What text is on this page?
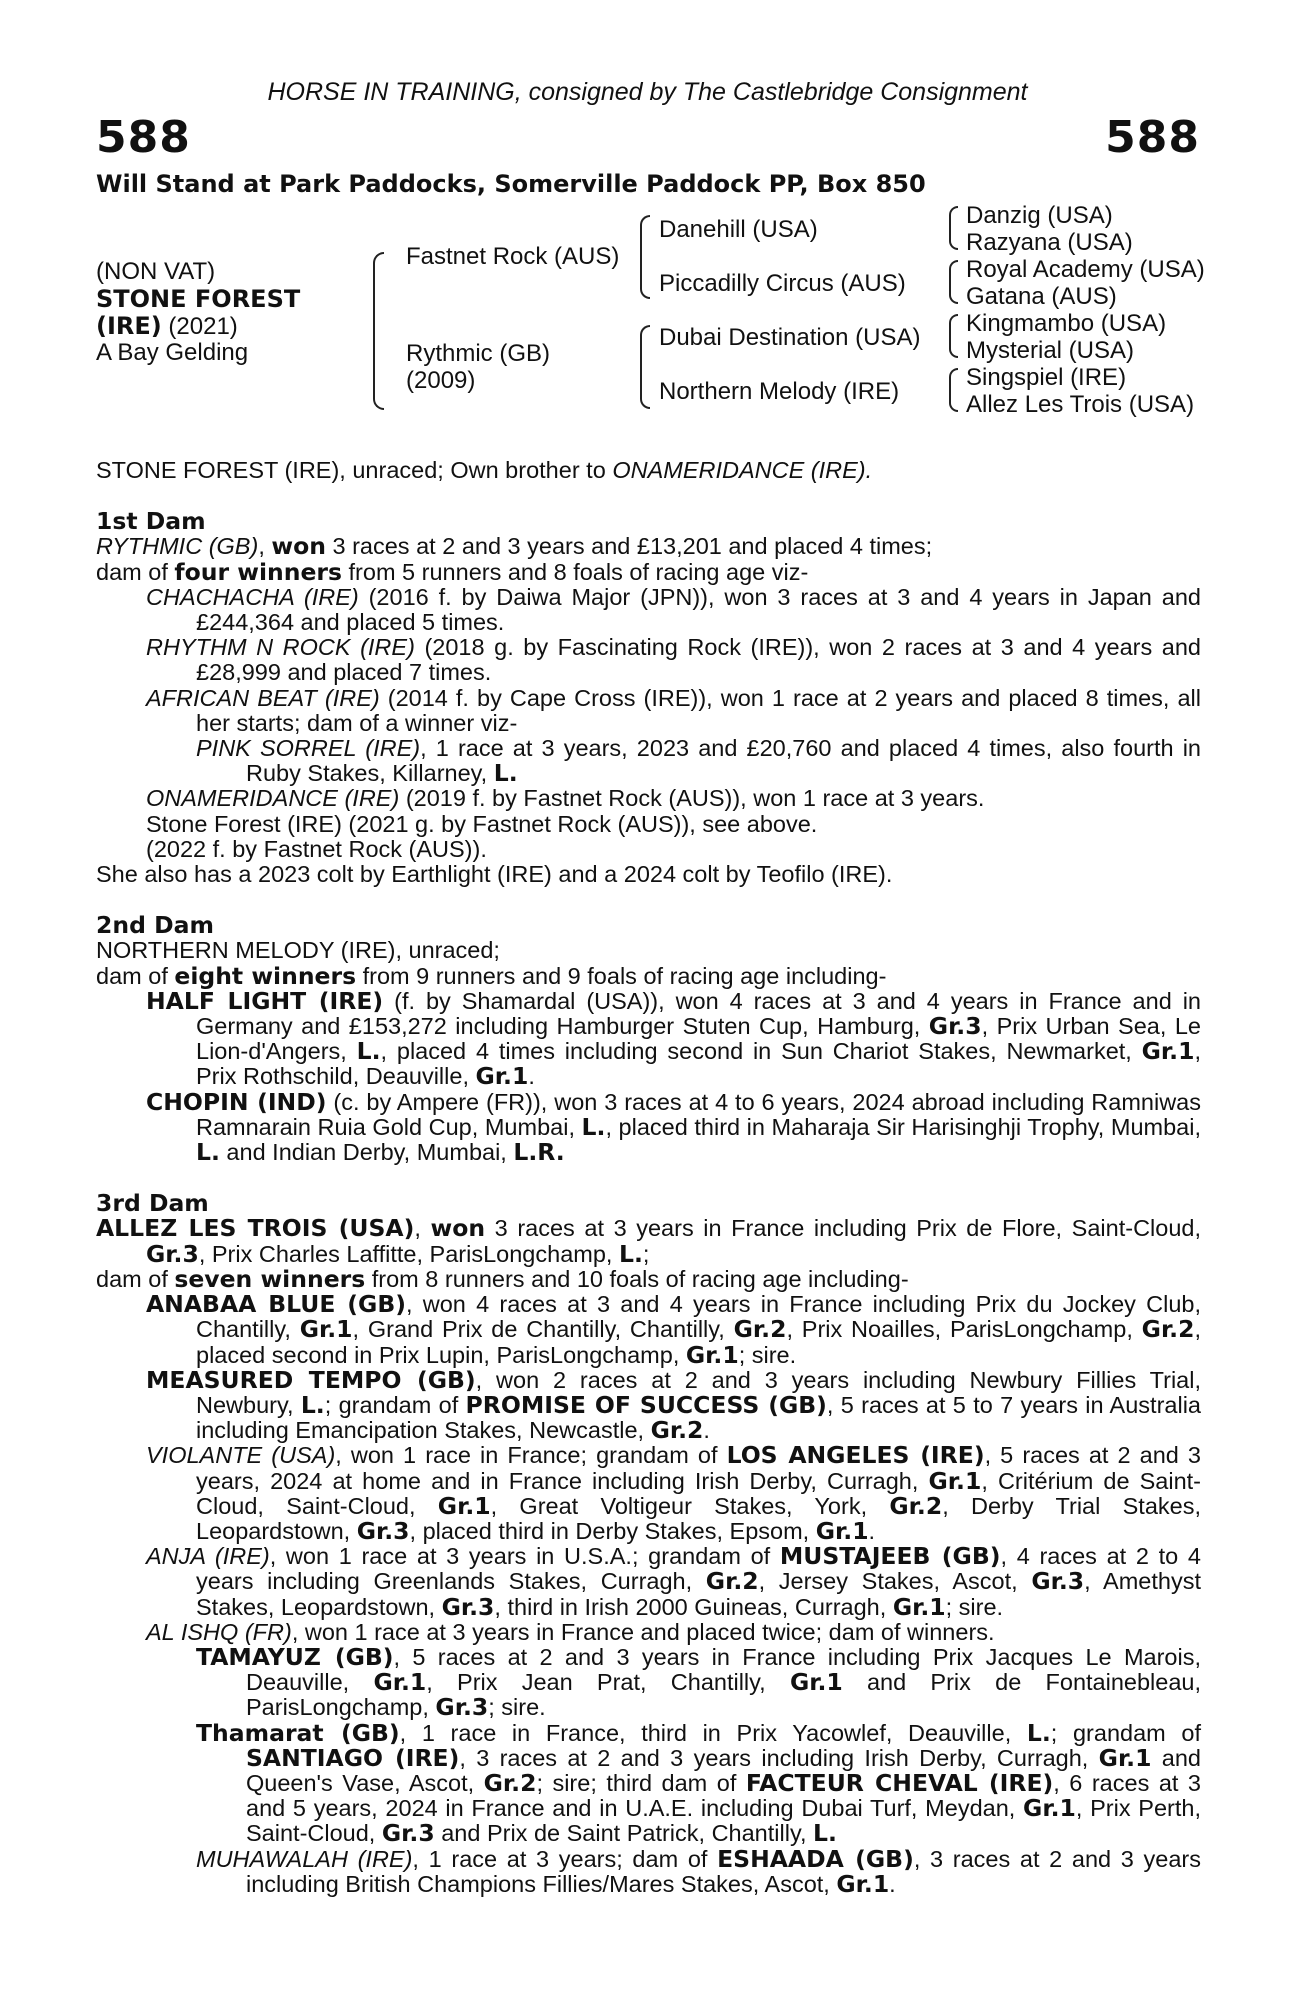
HORSE IN TRAINING, consigned by The Castlebridge Consignment
588	588
Will Stand at Park Paddocks, Somerville Paddock PP, Box 850
(NON VAT)
STONE FOREST
(IRE) (2021)
A Bay Gelding
Fastnet Rock (AUS)
Rythmic (GB)
(2009)
Danehill (USA)
Piccadilly Circus (AUS)
Dubai Destination (USA)
Northern Melody (IRE)
Danzig (USA)
Razyana (USA)
Royal Academy (USA)
Gatana (AUS)
Kingmambo (USA)
Mysterial (USA)
Singspiel (IRE)
Allez Les Trois (USA)

STONE FOREST (IRE), unraced; Own brother to ONAMERIDANCE (IRE).

1st Dam

RYTHMIC (GB), won 3 races at 2 and 3 years and £13,201 and placed 4 times;

dam of four winners from 5 runners and 8 foals of racing age viz-

CHACHACHA (IRE) (2016 f. by Daiwa Major (JPN)), won 3 races at 3 and 4 years in Japan and £244,364 and placed 5 times.

RHYTHM N ROCK (IRE) (2018 g. by Fascinating Rock (IRE)), won 2 races at 3 and 4 years and £28,999 and placed 7 times.

AFRICAN BEAT (IRE) (2014 f. by Cape Cross (IRE)), won 1 race at 2 years and placed 8 times, all her starts; dam of a winner viz-

PINK SORREL (IRE), 1 race at 3 years, 2023 and £20,760 and placed 4 times, also fourth in Ruby Stakes, Killarney, L.

ONAMERIDANCE (IRE) (2019 f. by Fastnet Rock (AUS)), won 1 race at 3 years.

Stone Forest (IRE) (2021 g. by Fastnet Rock (AUS)), see above.

(2022 f. by Fastnet Rock (AUS)).

She also has a 2023 colt by Earthlight (IRE) and a 2024 colt by Teofilo (IRE).

2nd Dam

NORTHERN MELODY (IRE), unraced;

dam of eight winners from 9 runners and 9 foals of racing age including-

HALF LIGHT (IRE) (f. by Shamardal (USA)), won 4 races at 3 and 4 years in France and in Germany and £153,272 including Hamburger Stuten Cup, Hamburg, Gr.3, Prix Urban Sea, Le Lion-d'Angers, L., placed 4 times including second in Sun Chariot Stakes, Newmarket, Gr.1, Prix Rothschild, Deauville, Gr.1.

CHOPIN (IND) (c. by Ampere (FR)), won 3 races at 4 to 6 years, 2024 abroad including Ramniwas Ramnarain Ruia Gold Cup, Mumbai, L., placed third in Maharaja Sir Harisinghji Trophy, Mumbai, L. and Indian Derby, Mumbai, L.R.

3rd Dam

ALLEZ LES TROIS (USA), won 3 races at 3 years in France including Prix de Flore, Saint-Cloud, Gr.3, Prix Charles Laffitte, ParisLongchamp, L.;

dam of seven winners from 8 runners and 10 foals of racing age including-

ANABAA BLUE (GB), won 4 races at 3 and 4 years in France including Prix du Jockey Club, Chantilly, Gr.1, Grand Prix de Chantilly, Chantilly, Gr.2, Prix Noailles, ParisLongchamp, Gr.2, placed second in Prix Lupin, ParisLongchamp, Gr.1; sire.

MEASURED TEMPO (GB), won 2 races at 2 and 3 years including Newbury Fillies Trial, Newbury, L.; grandam of PROMISE OF SUCCESS (GB), 5 races at 5 to 7 years in Australia including Emancipation Stakes, Newcastle, Gr.2.

VIOLANTE (USA), won 1 race in France; grandam of LOS ANGELES (IRE), 5 races at 2 and 3 years, 2024 at home and in France including Irish Derby, Curragh, Gr.1, Critérium de Saint-Cloud, Saint-Cloud, Gr.1, Great Voltigeur Stakes, York, Gr.2, Derby Trial Stakes, Leopardstown, Gr.3, placed third in Derby Stakes, Epsom, Gr.1.

ANJA (IRE), won 1 race at 3 years in U.S.A.; grandam of MUSTAJEEB (GB), 4 races at 2 to 4 years including Greenlands Stakes, Curragh, Gr.2, Jersey Stakes, Ascot, Gr.3, Amethyst Stakes, Leopardstown, Gr.3, third in Irish 2000 Guineas, Curragh, Gr.1; sire.

AL ISHQ (FR), won 1 race at 3 years in France and placed twice; dam of winners.

TAMAYUZ (GB), 5 races at 2 and 3 years in France including Prix Jacques Le Marois, Deauville, Gr.1, Prix Jean Prat, Chantilly, Gr.1 and Prix de Fontainebleau, ParisLongchamp, Gr.3; sire.

Thamarat (GB), 1 race in France, third in Prix Yacowlef, Deauville, L.; grandam of SANTIAGO (IRE), 3 races at 2 and 3 years including Irish Derby, Curragh, Gr.1 and Queen's Vase, Ascot, Gr.2; sire; third dam of FACTEUR CHEVAL (IRE), 6 races at 3 and 5 years, 2024 in France and in U.A.E. including Dubai Turf, Meydan, Gr.1, Prix Perth, Saint-Cloud, Gr.3 and Prix de Saint Patrick, Chantilly, L.

MUHAWALAH (IRE), 1 race at 3 years; dam of ESHAADA (GB), 3 races at 2 and 3 years including British Champions Fillies/Mares Stakes, Ascot, Gr.1.
